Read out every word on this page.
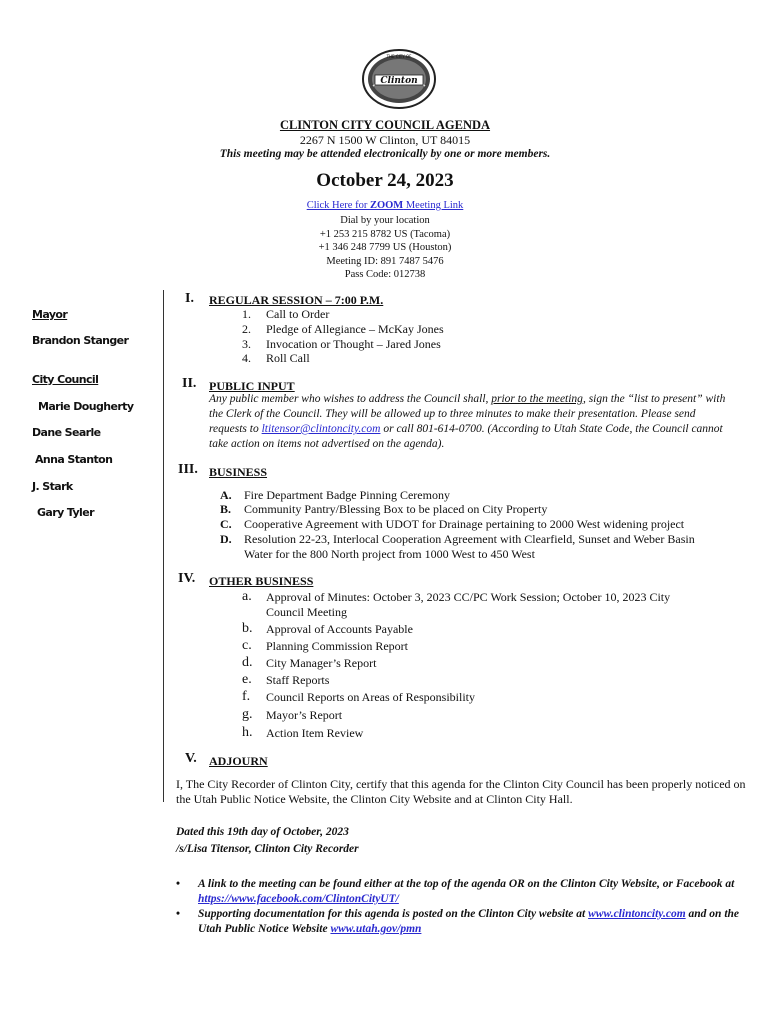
Clinton
THE CITY OF
CLINTON CITY COUNCIL AGENDA
2267 N 1500 W Clinton, UT 84015
This meeting may be attended electronically by one or more members.
October 24, 2023
Click Here for ZOOM Meeting Link
Dial by your location
+1 253 215 8782 US (Tacoma)
+1 346 248 7799 US (Houston)
Meeting ID: 891 7487 5476
Pass Code: 012738
Mayor
Brandon Stanger
City Council
Marie Dougherty
Dane Searle
Anna Stanton
J. Stark
Gary Tyler
I. REGULAR SESSION – 7:00 P.M.
1. Call to Order
2. Pledge of Allegiance – McKay Jones
3. Invocation or Thought – Jared Jones
4. Roll Call
II. PUBLIC INPUT
Any public member who wishes to address the Council shall, prior to the meeting, sign the “list to present” with the Clerk of the Council. They will be allowed up to three minutes to make their presentation. Please send requests to ltitensor@clintoncity.com or call 801-614-0700. (According to Utah State Code, the Council cannot take action on items not advertised on the agenda).
III. BUSINESS
A. Fire Department Badge Pinning Ceremony
B. Community Pantry/Blessing Box to be placed on City Property
C. Cooperative Agreement with UDOT for Drainage pertaining to 2000 West widening project
D. Resolution 22-23, Interlocal Cooperation Agreement with Clearfield, Sunset and Weber Basin
Water for the 800 North project from 1000 West to 450 West
IV. OTHER BUSINESS
a. Approval of Minutes: October 3, 2023 CC/PC Work Session; October 10, 2023 City
Council Meeting
b. Approval of Accounts Payable
c. Planning Commission Report
d. City Manager’s Report
e. Staff Reports
f. Council Reports on Areas of Responsibility
g. Mayor’s Report
h. Action Item Review
V. ADJOURN
I, The City Recorder of Clinton City, certify that this agenda for the Clinton City Council has been properly noticed on the Utah Public Notice Website, the Clinton City Website and at Clinton City Hall.
Dated this 19th day of October, 2023
/s/Lisa Titensor, Clinton City Recorder
• A link to the meeting can be found either at the top of the agenda OR on the Clinton City Website, or Facebook at https://www.facebook.com/ClintonCityUT/
• Supporting documentation for this agenda is posted on the Clinton City website at www.clintoncity.com and on the Utah Public Notice Website www.utah.gov/pmn
